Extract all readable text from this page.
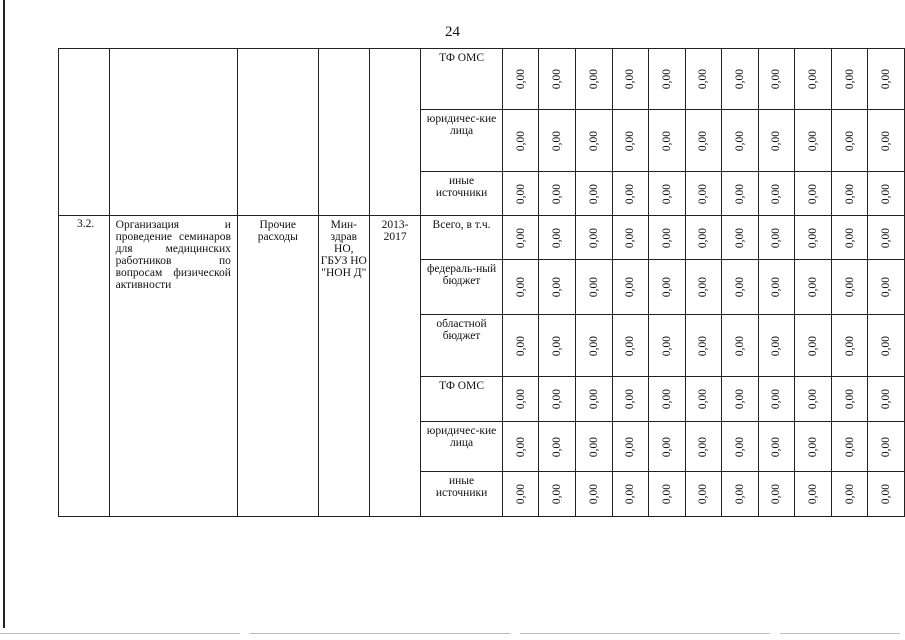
24
					ТФ ОМС	0,00	0,00	0,00	0,00	0,00	0,00	0,00	0,00	0,00	0,00	0,00
					юридичес-кие лица	0,00	0,00	0,00	0,00	0,00	0,00	0,00	0,00	0,00	0,00	0,00
					иные источники	0,00	0,00	0,00	0,00	0,00	0,00	0,00	0,00	0,00	0,00	0,00

3.2.	Организация и проведение семинаров для медицинских работников по вопросам физической активности	Прочие расходы	Мин-здрав НО, ГБУЗ НО "НОН Д"	2013-2017	Всего, в т.ч.	0,00	0,00	0,00	0,00	0,00	0,00	0,00	0,00	0,00	0,00	0,00
					федераль-ный бюджет	0,00	0,00	0,00	0,00	0,00	0,00	0,00	0,00	0,00	0,00	0,00
					областной бюджет	0,00	0,00	0,00	0,00	0,00	0,00	0,00	0,00	0,00	0,00	0,00
					ТФ ОМС	0,00	0,00	0,00	0,00	0,00	0,00	0,00	0,00	0,00	0,00	0,00
					юридичес-кие лица	0,00	0,00	0,00	0,00	0,00	0,00	0,00	0,00	0,00	0,00	0,00
					иные источники	0,00	0,00	0,00	0,00	0,00	0,00	0,00	0,00	0,00	0,00	0,00
